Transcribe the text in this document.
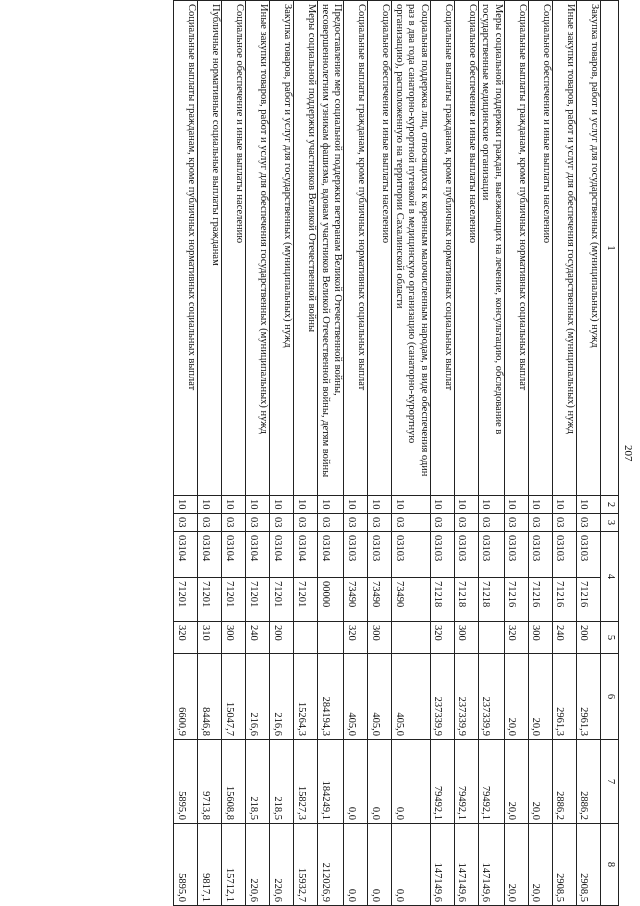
207
1	2	3	4		5	6	7	8
Закупка товаров, работ и услуг для государственных (муниципальных) нужд	10	03	03103	71216	200	2961,3	2886,2	2908,5
Иные закупки товаров, работ и услуг для обеспечения государственных (муниципальных) нужд	10	03	03103	71216	240	2961,3	2886,2	2908,5
Социальное обеспечение и иные выплаты населению	10	03	03103	71216	300	20,0	20,0	20,0
Социальные выплаты гражданам, кроме публичных нормативных социальных выплат	10	03	03103	71216	320	20,0	20,0	20,0
Меры социальной поддержки граждан, выезжающих на лечение, консультацию, обследование в государственные медицинские организации	10	03	03103	71218		237339,9	79492,1	147149,6
Социальное обеспечение и иные выплаты населению	10	03	03103	71218	300	237339,9	79492,1	147149,6
Социальные выплаты гражданам, кроме публичных нормативных социальных выплат	10	03	03103	71218	320	237339,9	79492,1	147149,6
Социальная поддержка лиц, относящихся к коренным малочисленным народам, в виде обеспечения один раз в два года санаторно-курортной путевкой в медицинскую организацию (санаторно-курортную организацию), расположенную на территории Сахалинской области	10	03	03103	73490		405,0	0,0	0,0
Социальное обеспечение и иные выплаты населению	10	03	03103	73490	300	405,0	0,0	0,0
Социальные выплаты гражданам, кроме публичных нормативных социальных выплат	10	03	03103	73490	320	405,0	0,0	0,0
Предоставление мер социальной поддержки ветеранам Великой Отечественной войны, несовершеннолетним узникам фашизма, вдовам участников Великой Отечественной войны, детям войны	10	03	03104	00000		284194,3	184249,1	212026,9
Меры социальной поддержки участников Великой Отечественной войны	10	03	03104	71201		15264,3	15827,3	15932,7
Закупка товаров, работ и услуг для государственных (муниципальных) нужд	10	03	03104	71201	200	216,6	218,5	220,6
Иные закупки товаров, работ и услуг для обеспечения государственных (муниципальных) нужд	10	03	03104	71201	240	216,6	218,5	220,6
Социальное обеспечение и иные выплаты населению	10	03	03104	71201	300	15047,7	15608,8	15712,1
Публичные нормативные социальные выплаты гражданам	10	03	03104	71201	310	8446,8	9713,8	9817,1
Социальные выплаты гражданам, кроме публичных нормативных социальных выплат	10	03	03104	71201	320	6600,9	5895,0	5895,0
